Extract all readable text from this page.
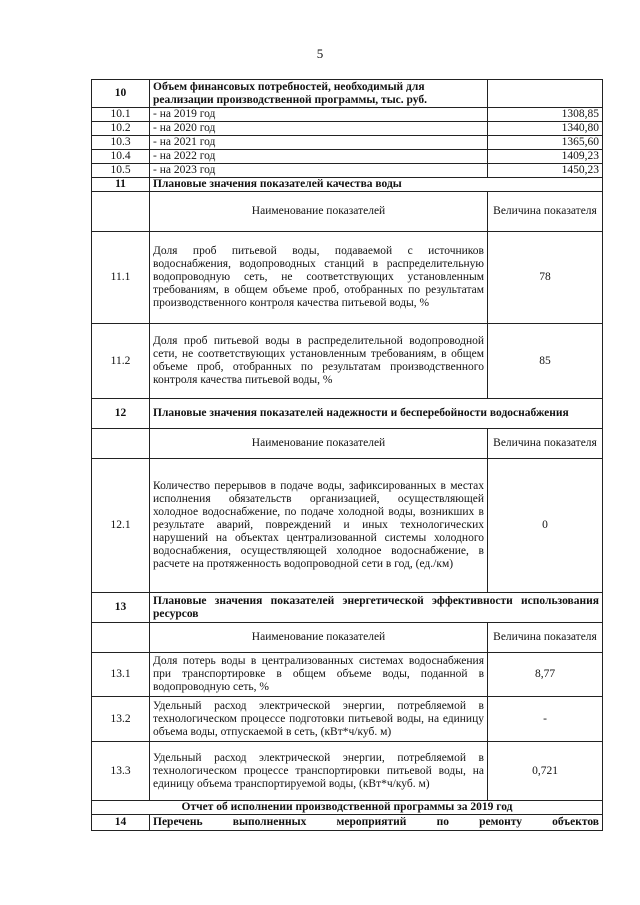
5
10	Объем финансовых потребностей, необходимый для реализации производственной программы, тыс. руб.	
10.1	- на 2019 год	1308,85
10.2	- на 2020 год	1340,80
10.3	- на 2021 год	1365,60
10.4	- на 2022 год	1409,23
10.5	- на 2023 год	1450,23
11	Плановые значения показателей качества воды	
	Наименование показателей	Величина показателя
11.1	Доля проб питьевой воды, подаваемой с источников водоснабжения, водопроводных станций в распределительную водопроводную сеть, не соответствующих установленным требованиям, в общем объеме проб, отобранных по результатам производственного контроля качества питьевой воды, %	78
11.2	Доля проб питьевой воды в распределительной водопроводной сети, не соответствующих установленным требованиям, в общем объеме проб, отобранных по результатам производственного контроля качества питьевой воды, %	85
12	Плановые значения показателей надежности и бесперебойности водоснабжения	
	Наименование показателей	Величина показателя
12.1	Количество перерывов в подаче воды, зафиксированных в местах исполнения обязательств организацией, осуществляющей холодное водоснабжение, по подаче холодной воды, возникших в результате аварий, повреждений и иных технологических нарушений на объектах централизованной системы холодного водоснабжения, осуществляющей холодное водоснабжение, в расчете на протяженность водопроводной сети в год, (ед./км)	0
13	Плановые значения показателей энергетической эффективности использования ресурсов	
	Наименование показателей	Величина показателя
13.1	Доля потерь воды в централизованных системах водоснабжения при транспортировке в общем объеме воды, поданной в водопроводную сеть, %	8,77
13.2	Удельный расход электрической энергии, потребляемой в технологическом процессе подготовки питьевой воды, на единицу объема воды, отпускаемой в сеть, (кВт*ч/куб. м)	-
13.3	Удельный расход электрической энергии, потребляемой в технологическом процессе транспортировки питьевой воды, на единицу объема транспортируемой воды, (кВт*ч/куб. м)	0,721
Отчет об исполнении производственной программы за 2019 год		
14	Перечень выполненных мероприятий по ремонту объектов	
